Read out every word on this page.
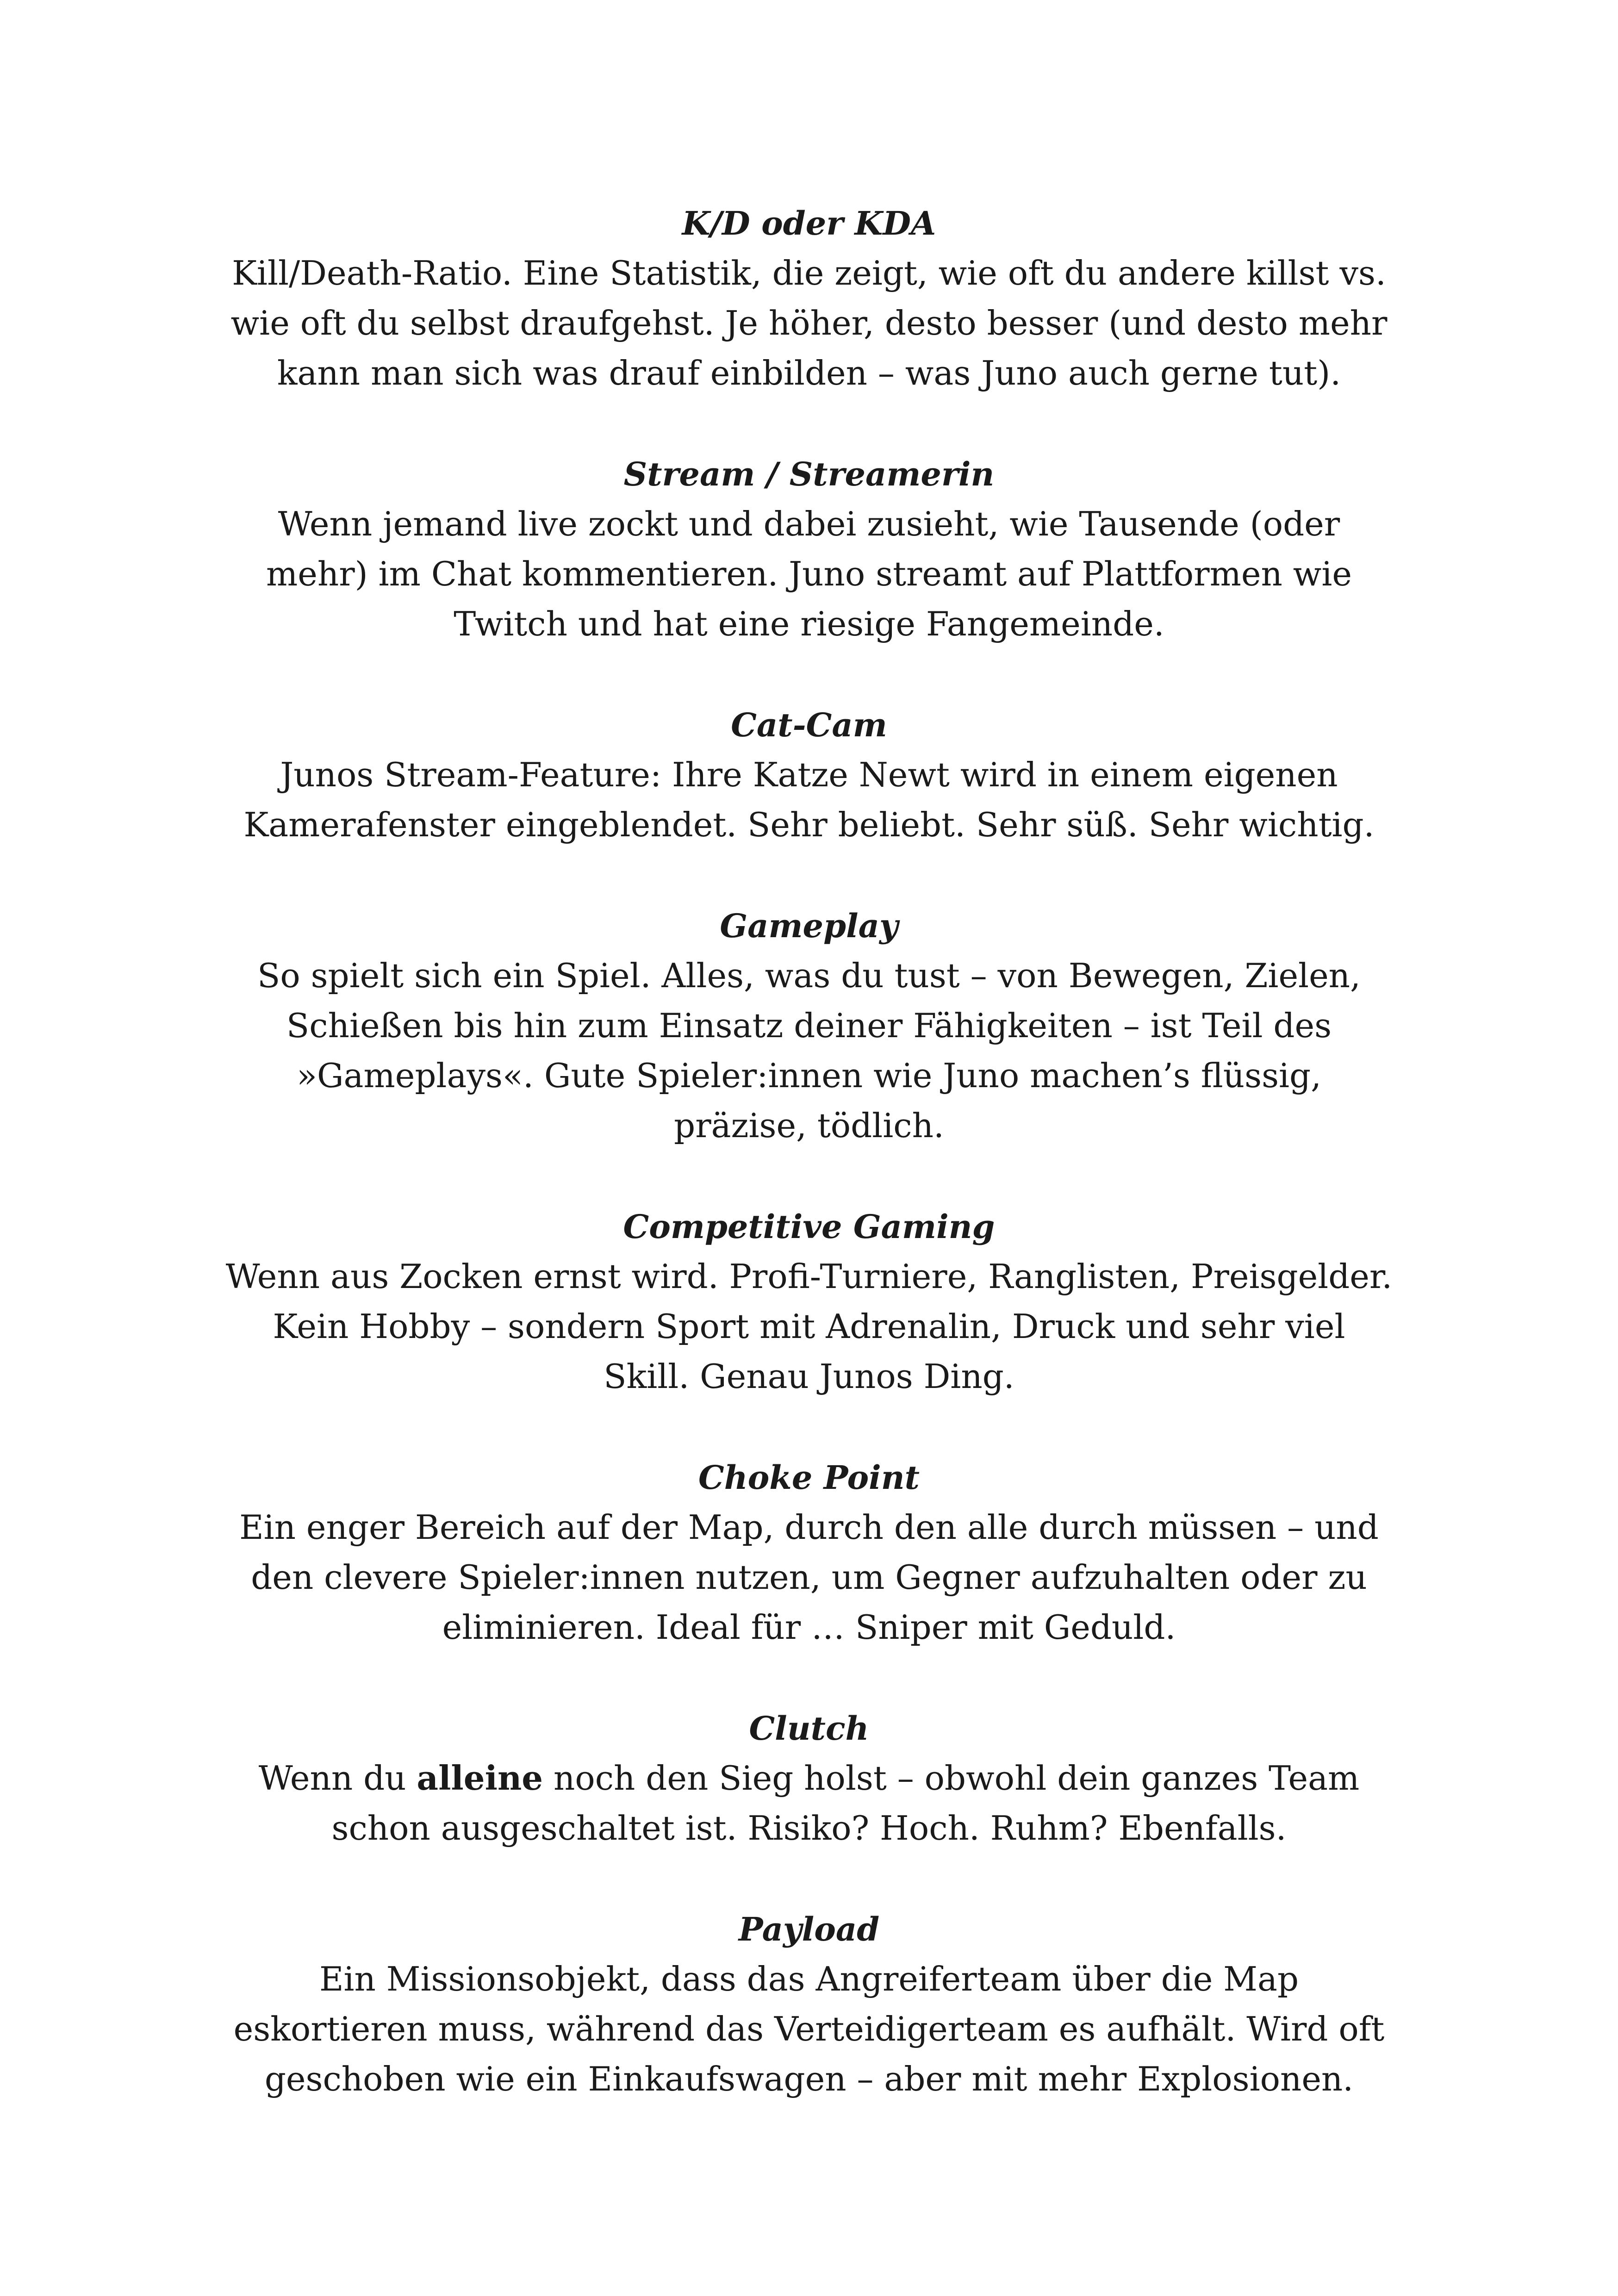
K/D oder KDA
Kill/Death-Ratio. Eine Statistik, die zeigt, wie oft du andere killst vs.
wie oft du selbst draufgehst. Je höher, desto besser (und desto mehr
kann man sich was drauf einbilden – was Juno auch gerne tut).
Stream / Streamerin
Wenn jemand live zockt und dabei zusieht, wie Tausende (oder
mehr) im Chat kommentieren. Juno streamt auf Plattformen wie
Twitch und hat eine riesige Fangemeinde.
Cat-Cam
Junos Stream-Feature: Ihre Katze Newt wird in einem eigenen
Kamerafenster eingeblendet. Sehr beliebt. Sehr süß. Sehr wichtig.
Gameplay
So spielt sich ein Spiel. Alles, was du tust – von Bewegen, Zielen,
Schießen bis hin zum Einsatz deiner Fähigkeiten – ist Teil des
»Gameplays«. Gute Spieler:innen wie Juno machen’s flüssig,
präzise, tödlich.
Competitive Gaming
Wenn aus Zocken ernst wird. Profi-Turniere, Ranglisten, Preisgelder.
Kein Hobby – sondern Sport mit Adrenalin, Druck und sehr viel
Skill. Genau Junos Ding.
Choke Point
Ein enger Bereich auf der Map, durch den alle durch müssen – und
den clevere Spieler:innen nutzen, um Gegner aufzuhalten oder zu
eliminieren. Ideal für … Sniper mit Geduld.
Clutch
Wenn du alleine noch den Sieg holst – obwohl dein ganzes Team
schon ausgeschaltet ist. Risiko? Hoch. Ruhm? Ebenfalls.
Payload
Ein Missionsobjekt, dass das Angreiferteam über die Map
eskortieren muss, während das Verteidigerteam es aufhält. Wird oft
geschoben wie ein Einkaufswagen – aber mit mehr Explosionen.
